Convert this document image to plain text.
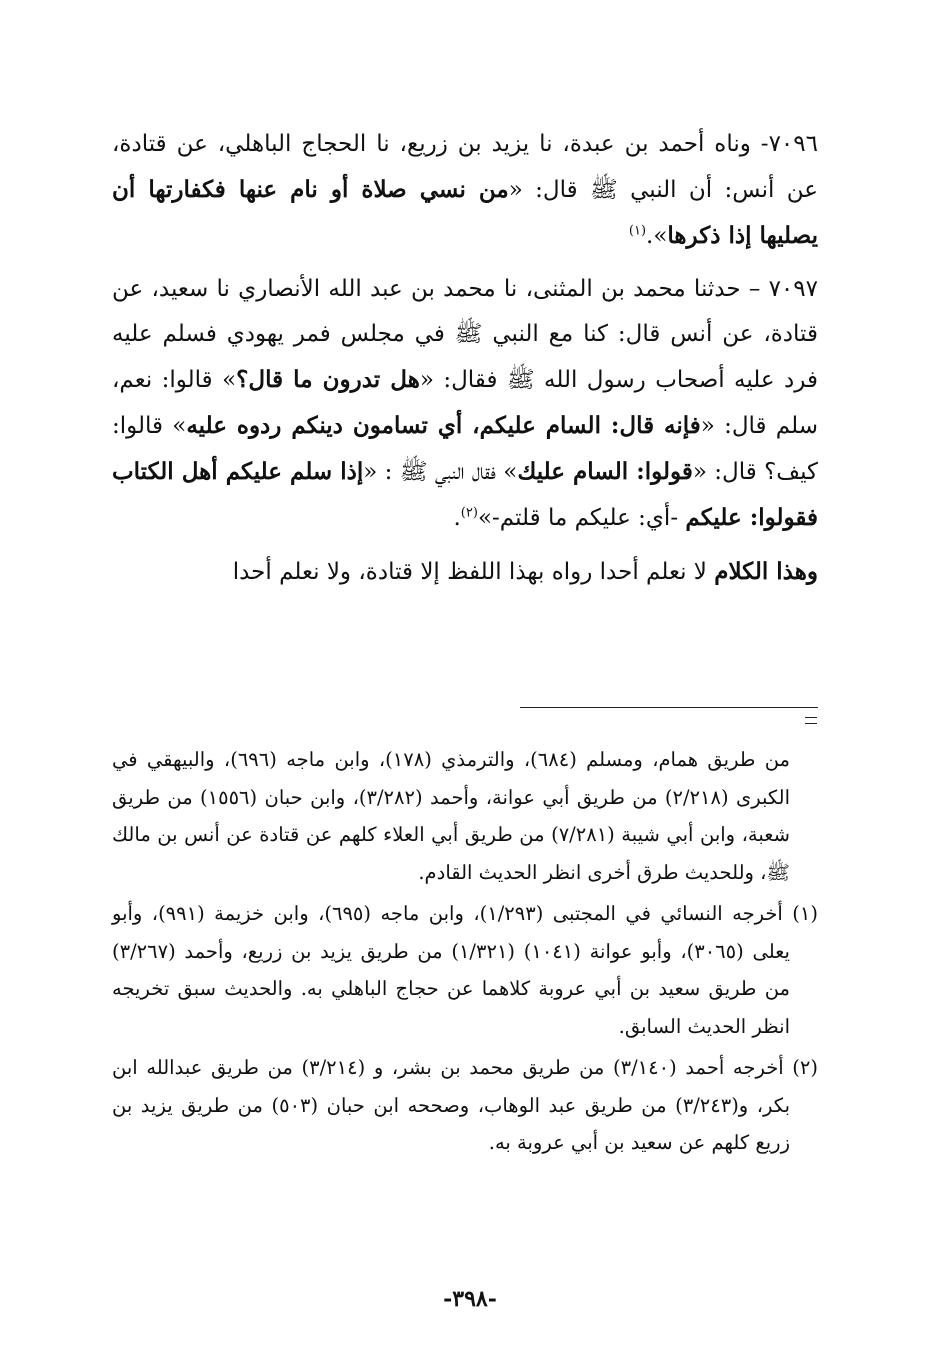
٧٠٩٦- وناه أحمد بن عبدة، نا يزيد بن زريع، نا الحجاج الباهلي، عن قتادة، عن أنس: أن النبي ﷺ قال: «من نسي صلاة أو نام عنها فكفارتها أن يصليها إذا ذكرها».$^{(١)}$

٧٠٩٧ – حدثنا محمد بن المثنى، نا محمد بن عبد الله الأنصاري نا سعيد، عن قتادة، عن أنس قال: كنا مع النبي ﷺ في مجلس فمر يهودي فسلم عليه فرد عليه أصحاب رسول الله ﷺ فقال: «هل تدرون ما قال؟» قالوا: نعم، سلم قال: «فإنه قال: السام عليكم، أي تسامون دينكم ردوه عليه» قالوا: كيف؟ قال: «قولوا: السام عليك» فقال النبي ﷺ : «إذا سلم عليكم أهل الكتاب فقولوا: عليكم -أي: عليكم ما قلتم-»$^{(٢)}$.

وهذا الكلام لا نعلم أحدا رواه بهذا اللفظ إلا قتادة، ولا نعلم أحدا

من طريق همام، ومسلم (٦٨٤)، والترمذي (١٧٨)، وابن ماجه (٦٩٦)، والبيهقي في الكبرى (٢/٢١٨) من طريق أبي عوانة، وأحمد (٣/٢٨٢)، وابن حبان (١٥٥٦) من طريق شعبة، وابن أبي شيبة (٧/٢٨١) من طريق أبي العلاء كلهم عن قتادة عن أنس بن مالك ﷺ، وللحديث طرق أخرى انظر الحديث القادم.

(١) أخرجه النسائي في المجتبى (١/٢٩٣)، وابن ماجه (٦٩٥)، وابن خزيمة (٩٩١)، وأبو يعلى (٣٠٦٥)، وأبو عوانة (١٠٤١) (١/٣٢١) من طريق يزيد بن زريع، وأحمد (٣/٢٦٧) من طريق سعيد بن أبي عروبة كلاهما عن حجاج الباهلي به. والحديث سبق تخريجه انظر الحديث السابق.

(٢) أخرجه أحمد (٣/١٤٠) من طريق محمد بن بشر، و (٣/٢١٤) من طريق عبدالله ابن بكر، و(٣/٢٤٣) من طريق عبد الوهاب، وصححه ابن حبان (٥٠٣) من طريق يزيد بن زريع كلهم عن سعيد بن أبي عروبة به.

-٣٩٨-
